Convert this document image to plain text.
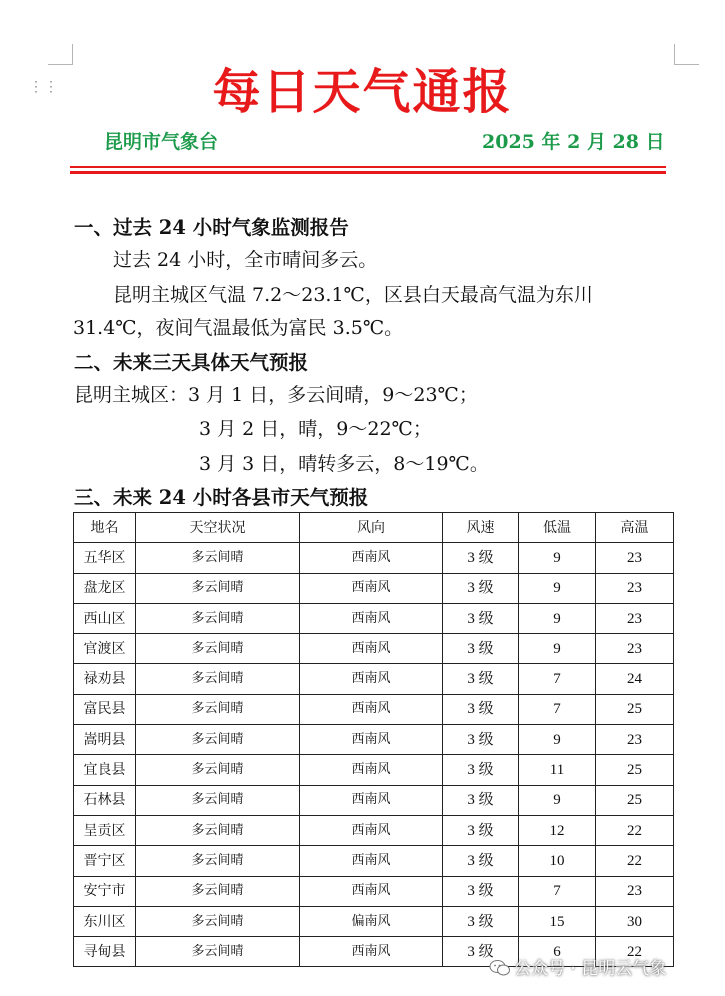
⋮⋮	每日天气通报
昆明市气象台	2025 年 2 月 28 日
一、过去 24 小时气象监测报告
过去 24 小时，全市晴间多云。
昆明主城区气温 7.2～23.1℃，区县白天最高气温为东川
31.4℃，夜间气温最低为富民 3.5℃。
二、未来三天具体天气预报
昆明主城区：3 月 1 日，多云间晴，9～23℃；
3 月 2 日，晴，9～22℃；
3 月 3 日，晴转多云，8～19℃。
三、未来 24 小时各县市天气预报
地名	天空状况	风向	风速	低温	高温
五华区	多云间晴	西南风	3 级	9	23
盘龙区	多云间晴	西南风	3 级	9	23
西山区	多云间晴	西南风	3 级	9	23
官渡区	多云间晴	西南风	3 级	9	23
禄劝县	多云间晴	西南风	3 级	7	24
富民县	多云间晴	西南风	3 级	7	25
嵩明县	多云间晴	西南风	3 级	9	23
宜良县	多云间晴	西南风	3 级	11	25
石林县	多云间晴	西南风	3 级	9	25
呈贡区	多云间晴	西南风	3 级	12	22
晋宁区	多云间晴	西南风	3 级	10	22
安宁市	多云间晴	西南风	3 级	7	23
东川区	多云间晴	偏南风	3 级	15	30
寻甸县	多云间晴	西南风	3 级	6	22
公众号 · 昆明云气象
